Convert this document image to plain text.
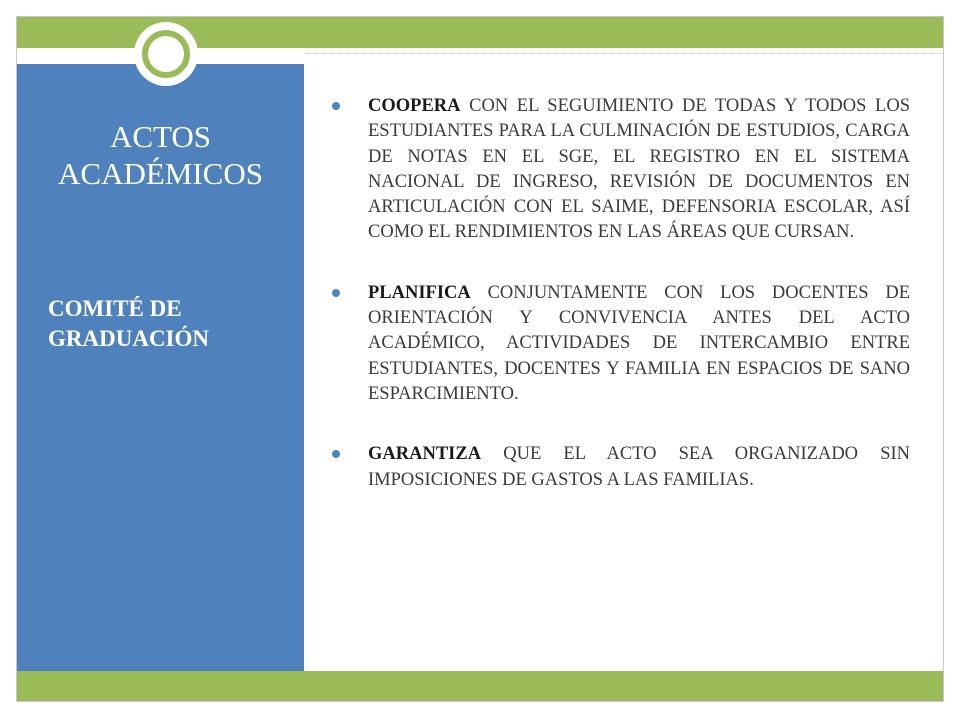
ACTOS ACADÉMICOS
COMITÉ DE
GRADUACIÓN

COOPERA CON EL SEGUIMIENTO DE TODAS Y TODOS LOS ESTUDIANTES PARA LA CULMINACIÓN DE ESTUDIOS, CARGA DE NOTAS EN EL SGE, EL REGISTRO EN EL SISTEMA NACIONAL DE INGRESO, REVISIÓN DE DOCUMENTOS EN ARTICULACIÓN CON EL SAIME, DEFENSORIA ESCOLAR, ASÍ COMO EL RENDIMIENTOS EN LAS ÁREAS QUE CURSAN.

PLANIFICA CONJUNTAMENTE CON LOS DOCENTES DE ORIENTACIÓN Y CONVIVENCIA ANTES DEL ACTO ACADÉMICO, ACTIVIDADES DE INTERCAMBIO ENTRE ESTUDIANTES, DOCENTES Y FAMILIA EN ESPACIOS DE SANO ESPARCIMIENTO.

GARANTIZA QUE EL ACTO SEA ORGANIZADO SIN IMPOSICIONES DE GASTOS A LAS FAMILIAS.
